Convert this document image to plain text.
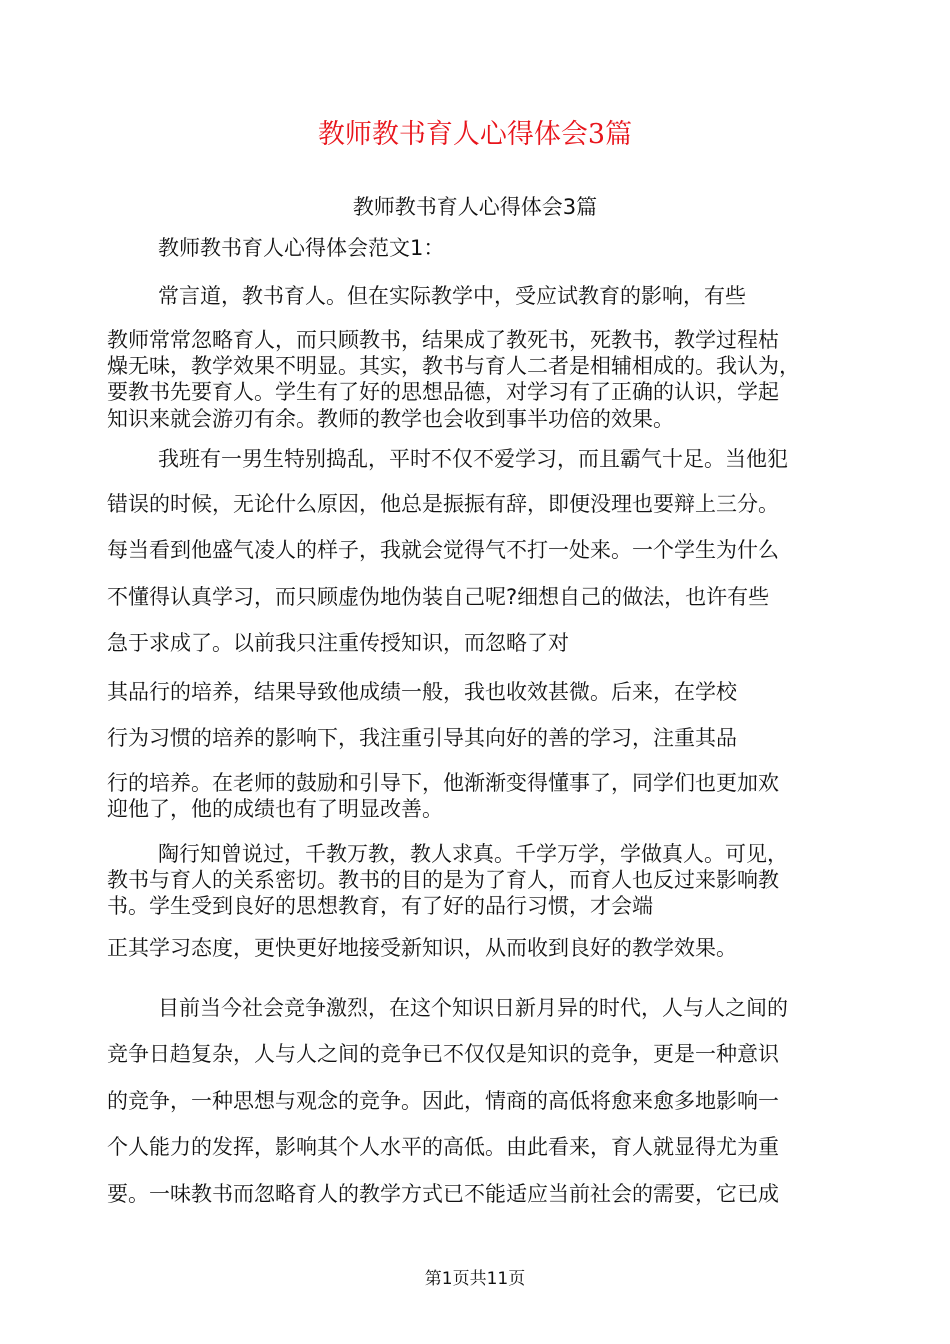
教师教书育人心得体会3篇
教师教书育人心得体会3篇
教师教书育人心得体会范文1：
常言道，教书育人。但在实际教学中，受应试教育的影响，有些
教师常常忽略育人，而只顾教书，结果成了教死书，死教书，教学过程枯
燥无味，教学效果不明显。其实，教书与育人二者是相辅相成的。我认为，
要教书先要育人。学生有了好的思想品德，对学习有了正确的认识，学起
知识来就会游刃有余。教师的教学也会收到事半功倍的效果。
我班有一男生特别捣乱，平时不仅不爱学习，而且霸气十足。当他犯
错误的时候，无论什么原因，他总是振振有辞，即便没理也要辩上三分。
每当看到他盛气凌人的样子，我就会觉得气不打一处来。一个学生为什么
不懂得认真学习，而只顾虚伪地伪装自己呢?细想自己的做法，也许有些
急于求成了。以前我只注重传授知识，而忽略了对
其品行的培养，结果导致他成绩一般，我也收效甚微。后来，在学校
行为习惯的培养的影响下，我注重引导其向好的善的学习，注重其品
行的培养。在老师的鼓励和引导下，他渐渐变得懂事了，同学们也更加欢
迎他了，他的成绩也有了明显改善。
陶行知曾说过，千教万教，教人求真。千学万学，学做真人。可见，
教书与育人的关系密切。教书的目的是为了育人，而育人也反过来影响教
书。学生受到良好的思想教育，有了好的品行习惯，才会端
正其学习态度，更快更好地接受新知识，从而收到良好的教学效果。
目前当今社会竞争激烈，在这个知识日新月异的时代，人与人之间的
竞争日趋复杂，人与人之间的竞争已不仅仅是知识的竞争，更是一种意识
的竞争，一种思想与观念的竞争。因此，情商的高低将愈来愈多地影响一
个人能力的发挥，影响其个人水平的高低。由此看来，育人就显得尤为重
要。一味教书而忽略育人的教学方式已不能适应当前社会的需要，它已成
第1页共11页
